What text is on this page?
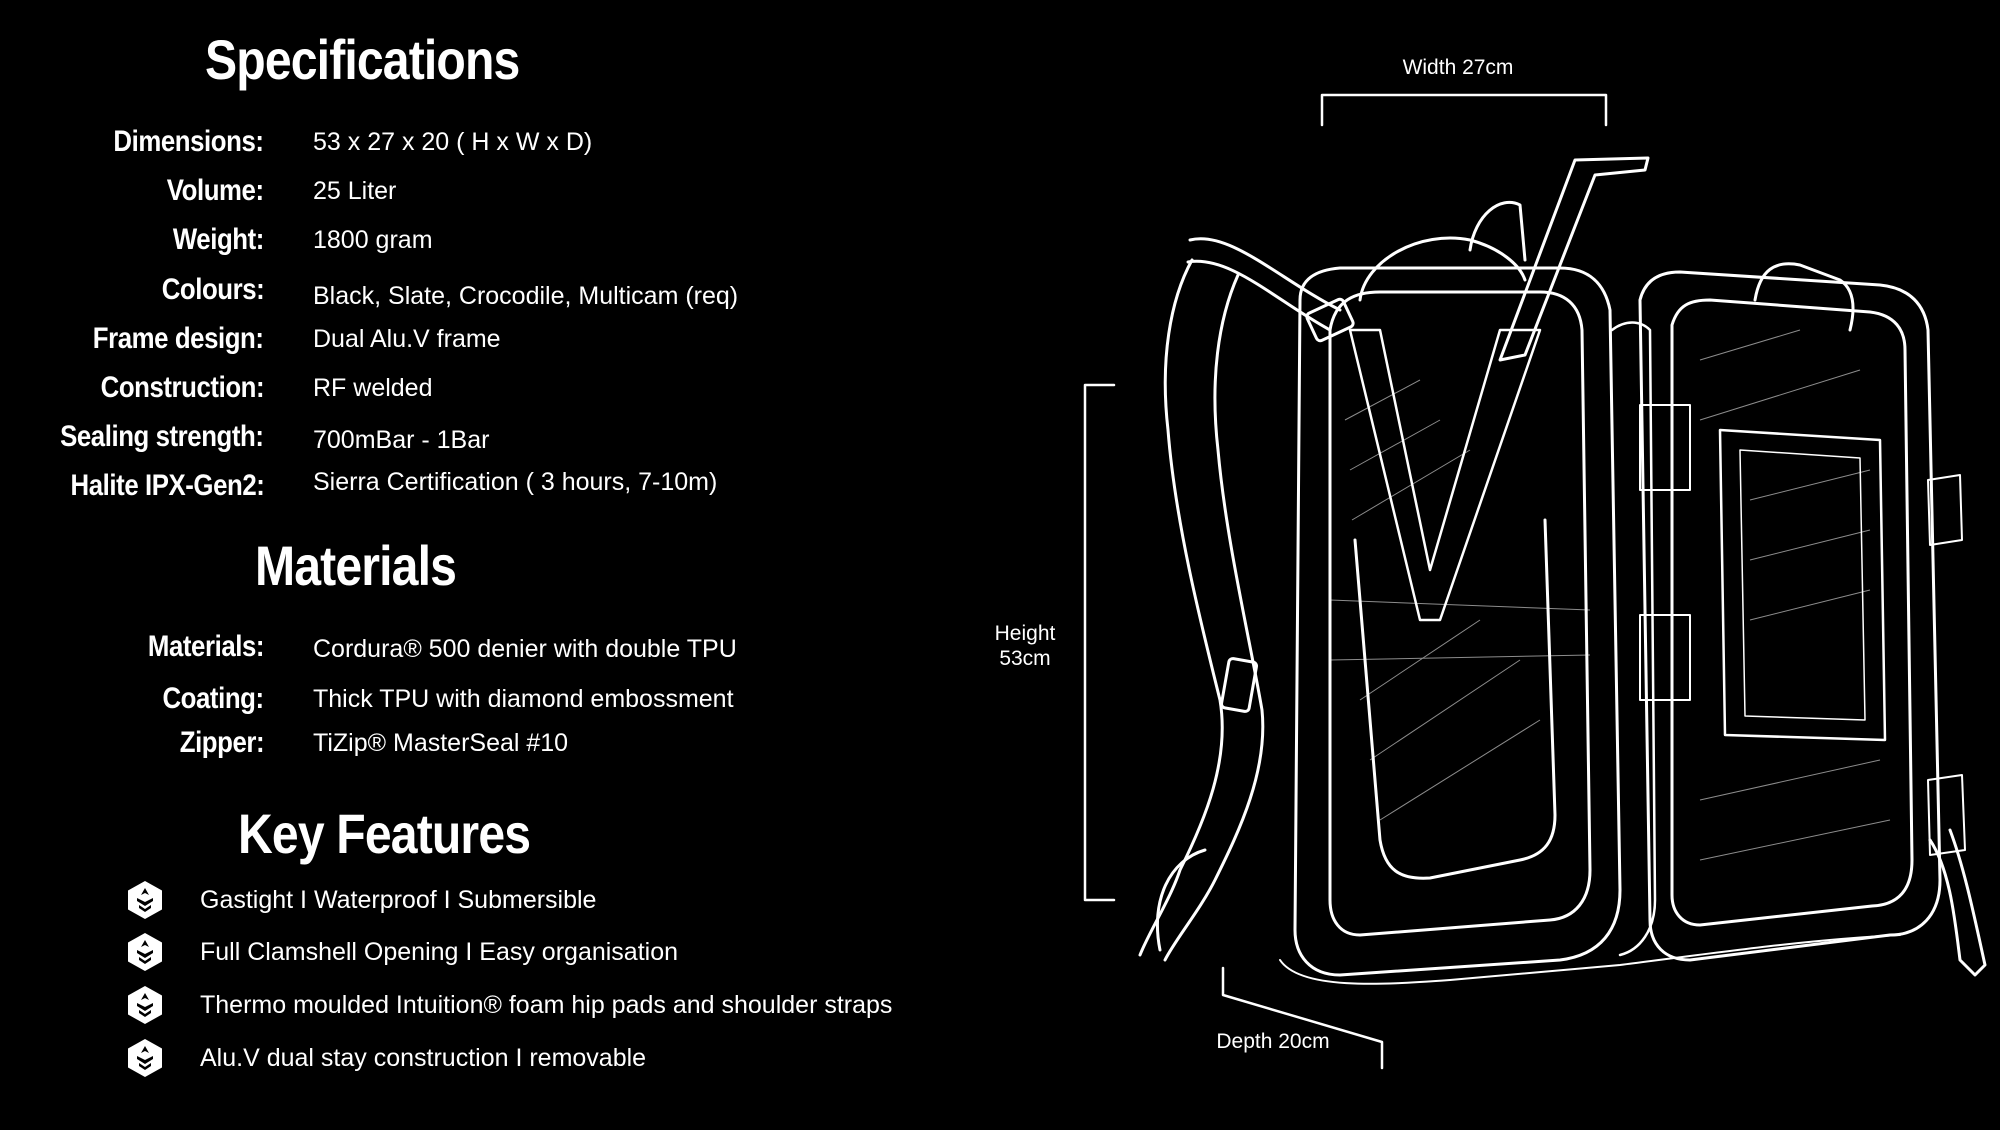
Specifications
Dimensions: 53 x 27 x 20 ( H x W x D)
Volume: 25 Liter
Weight: 1800 gram
Colours: Black, Slate, Crocodile, Multicam (req)
Frame design: Dual Alu.V frame
Construction: RF welded
Sealing strength: 700mBar - 1Bar
Halite IPX-Gen2: Sierra Certification ( 3 hours, 7-10m)
Materials
Materials: Cordura® 500 denier with double TPU
Coating: Thick TPU with diamond embossment
Zipper: TiZip® MasterSeal #10
Key Features
Gastight I Waterproof I Submersible
Full Clamshell Opening I Easy organisation
Thermo moulded Intuition® foam hip pads and shoulder straps
Alu.V dual stay construction I removable
Width 27cm
Height
53cm
Depth 20cm
